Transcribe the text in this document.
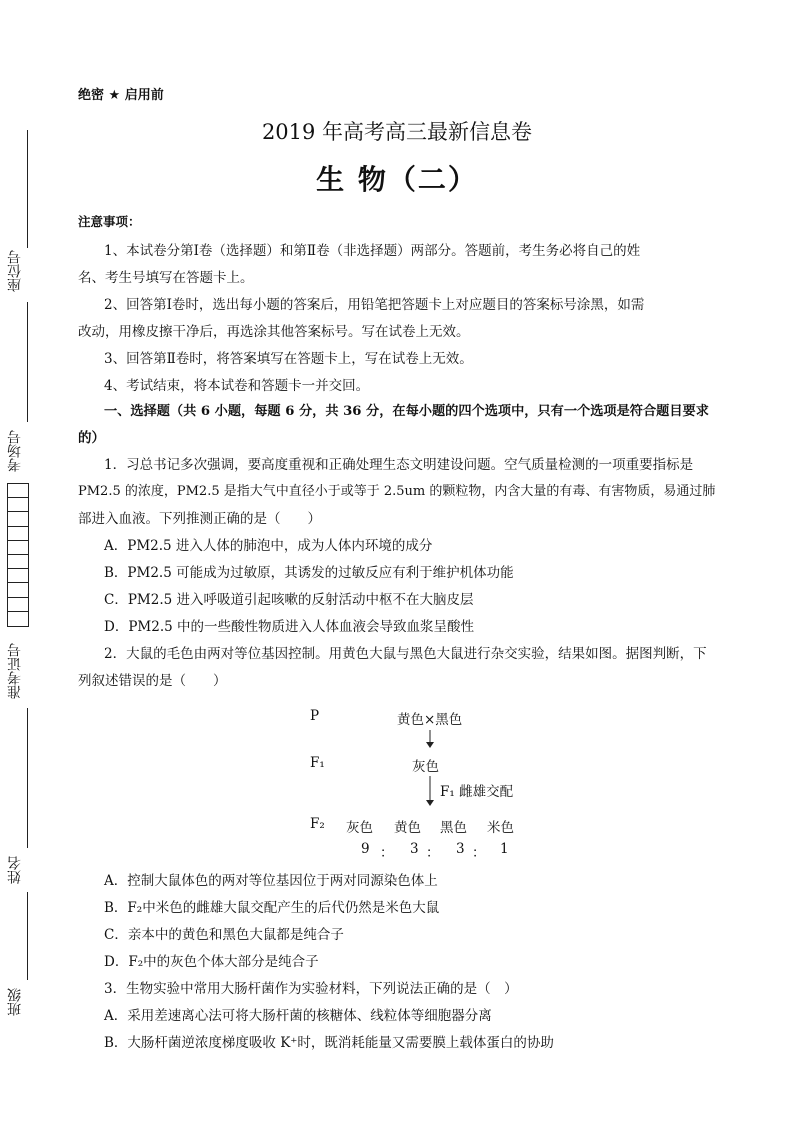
座位号
考场号
准考证号
姓名
班级
绝密 ★ 启用前
2019 年高考高三最新信息卷
生 物（二）
注意事项：
1、本试卷分第Ⅰ卷（选择题）和第Ⅱ卷（非选择题）两部分。答题前，考生务必将自己的姓
名、考生号填写在答题卡上。
2、回答第Ⅰ卷时，选出每小题的答案后，用铅笔把答题卡上对应题目的答案标号涂黑，如需
改动，用橡皮擦干净后，再选涂其他答案标号。写在试卷上无效。
3、回答第Ⅱ卷时，将答案填写在答题卡上，写在试卷上无效。
4、考试结束，将本试卷和答题卡一并交回。
一、选择题（共 6 小题，每题 6 分，共 36 分，在每小题的四个选项中，只有一个选项是符合题目要求
的）
1．习总书记多次强调，要高度重视和正确处理生态文明建设问题。空气质量检测的一项重要指标是
PM2.5 的浓度，PM2.5 是指大气中直径小于或等于 2.5um 的颗粒物，内含大量的有毒、有害物质，易通过肺
部进入血液。下列推测正确的是（　　）
A．PM2.5 进入人体的肺泡中，成为人体内环境的成分
B．PM2.5 可能成为过敏原，其诱发的过敏反应有利于维护机体功能
C．PM2.5 进入呼吸道引起咳嗽的反射活动中枢不在大脑皮层
D．PM2.5 中的一些酸性物质进入人体血液会导致血浆呈酸性
2．大鼠的毛色由两对等位基因控制。用黄色大鼠与黑色大鼠进行杂交实验，结果如图。据图判断，下
列叙述错误的是（　　）
P	黄色×黑色
F₁	灰色
F₁ 雌雄交配
F₂ 灰色 黄色 黑色 米色
9 ： 3 ： 3 ： 1
A．控制大鼠体色的两对等位基因位于两对同源染色体上
B．F₂中米色的雌雄大鼠交配产生的后代仍然是米色大鼠
C．亲本中的黄色和黑色大鼠都是纯合子
D．F₂中的灰色个体大部分是纯合子
3．生物实验中常用大肠杆菌作为实验材料，下列说法正确的是（　）
A．采用差速离心法可将大肠杆菌的核糖体、线粒体等细胞器分离
B．大肠杆菌逆浓度梯度吸收 K⁺时，既消耗能量又需要膜上载体蛋白的协助
